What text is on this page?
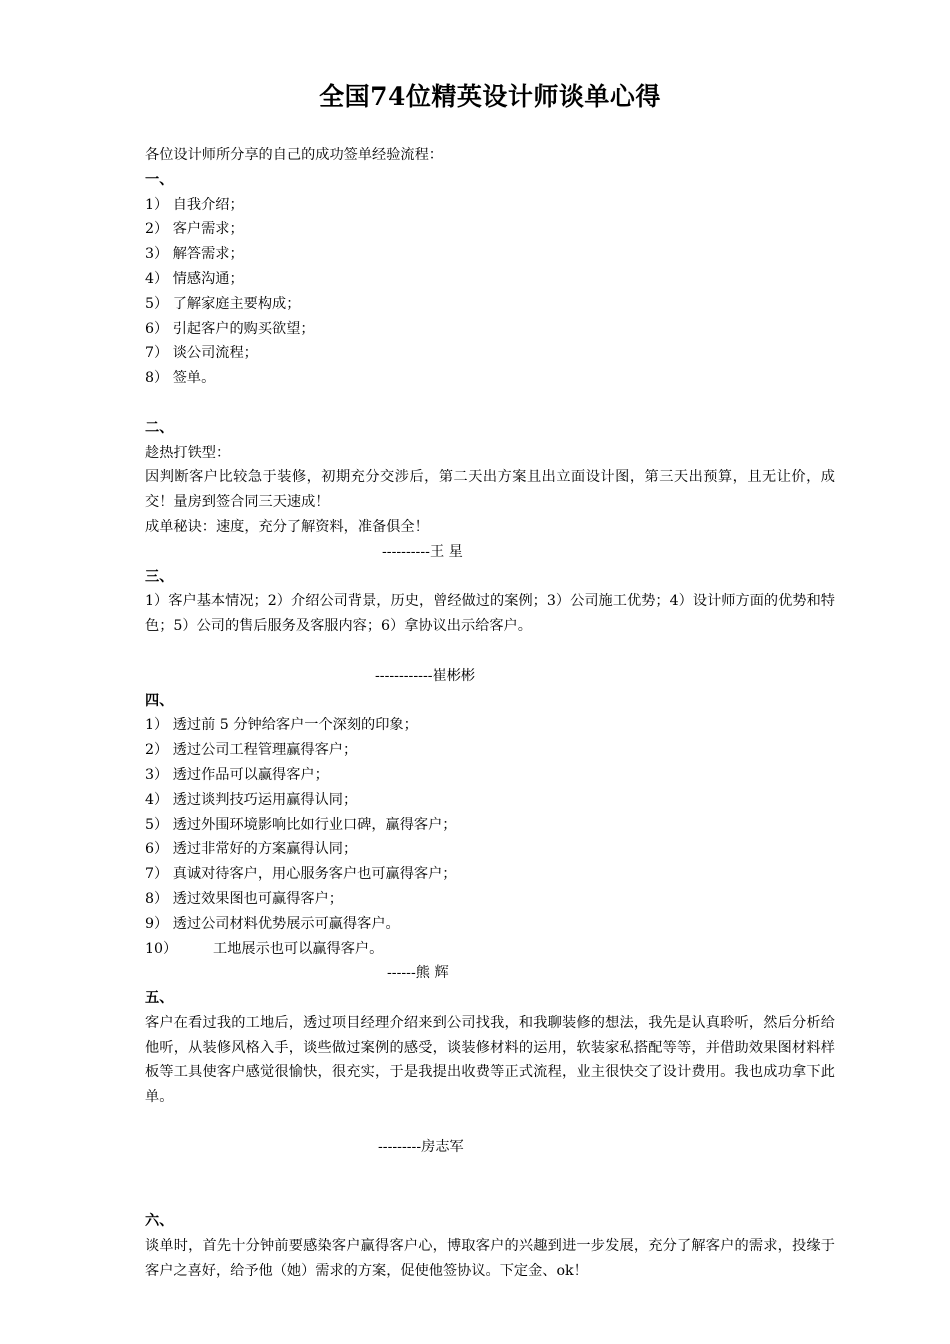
全国74位精英设计师谈单心得
各位设计师所分享的自己的成功签单经验流程：
一、
1） 自我介绍；
2） 客户需求；
3） 解答需求；
4） 情感沟通；
5） 了解家庭主要构成；
6） 引起客户的购买欲望；
7） 谈公司流程；
8） 签单。
二、
趁热打铁型：
因判断客户比较急于装修，初期充分交涉后，第二天出方案且出立面设计图，第三天出预算，且无让价，成交！量房到签合同三天速成！
成单秘诀：速度，充分了解资料，准备俱全！
----------王 星
三、
1）客户基本情况；2）介绍公司背景，历史，曾经做过的案例；3）公司施工优势；4）设计师方面的优势和特色；5）公司的售后服务及客服内容；6）拿协议出示给客户。
------------崔彬彬
四、
1） 透过前 5 分钟给客户一个深刻的印象；
2） 透过公司工程管理赢得客户；
3） 透过作品可以赢得客户；
4） 透过谈判技巧运用赢得认同；
5） 透过外围环境影响比如行业口碑，赢得客户；
6） 透过非常好的方案赢得认同；
7） 真诚对待客户，用心服务客户也可赢得客户；
8） 透过效果图也可赢得客户；
9） 透过公司材料优势展示可赢得客户。
10）	工地展示也可以赢得客户。
------熊 辉
五、
客户在看过我的工地后，透过项目经理介绍来到公司找我，和我聊装修的想法，我先是认真聆听，然后分析给他听，从装修风格入手，谈些做过案例的感受，谈装修材料的运用，软装家私搭配等等，并借助效果图材料样板等工具使客户感觉很愉快，很充实，于是我提出收费等正式流程，业主很快交了设计费用。我也成功拿下此单。
---------房志军
六、
谈单时，首先十分钟前要感染客户赢得客户心，博取客户的兴趣到进一步发展，充分了解客户的需求，投缘于客户之喜好，给予他（她）需求的方案，促使他签协议。下定金、ok！
